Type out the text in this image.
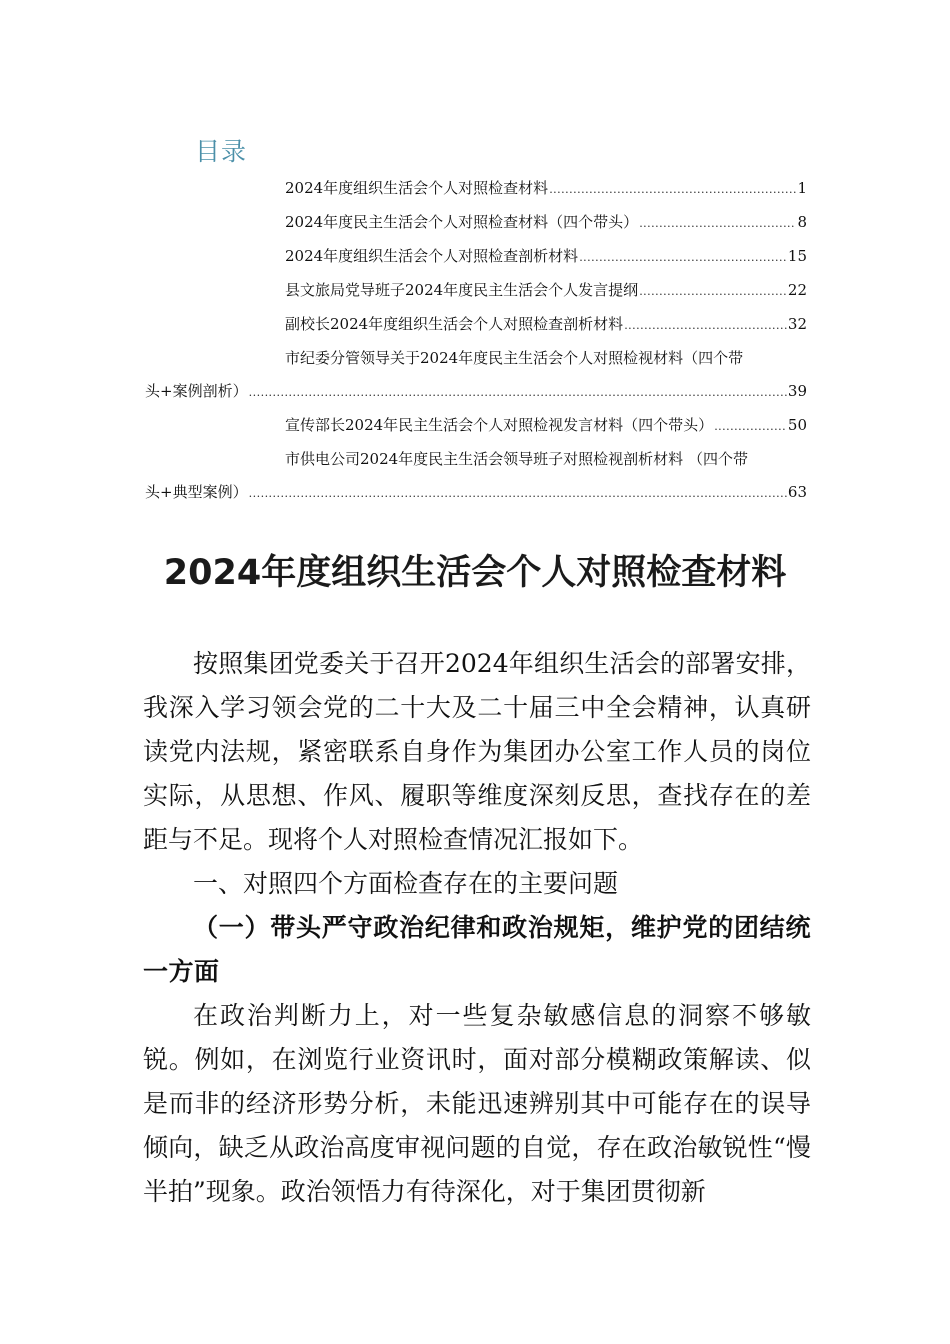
目录
2024年度组织生活会个人对照检查材料 .....	1
2024年度民主生活会个人对照检查材料（四个带头） .....	8
2024年度组织生活会个人对照检查剖析材料 .....	15
县文旅局党导班子2024年度民主生活会个人发言提纲 .....	22
副校长2024年度组织生活会个人对照检查剖析材料 .....	32
市纪委分管领导关于2024年度民主生活会个人对照检视材料（四个带
头+案例剖析） .....	39
宣传部长2024年民主生活会个人对照检视发言材料（四个带头） .....	50
市供电公司2024年度民主生活会领导班子对照检视剖析材料 （四个带
头+典型案例） .....	63
2024年度组织生活会个人对照检查材料

按照集团党委关于召开2024年组织生活会的部署安排，我深入学习领会党的二十大及二十届三中全会精神，认真研读党内法规，紧密联系自身作为集团办公室工作人员的岗位实际，从思想、作风、履职等维度深刻反思，查找存在的差距与不足。现将个人对照检查情况汇报如下。

一、对照四个方面检查存在的主要问题

（一）带头严守政治纪律和政治规矩，维护党的团结统一方面

在政治判断力上，对一些复杂敏感信息的洞察不够敏锐。例如，在浏览行业资讯时，面对部分模糊政策解读、似是而非的经济形势分析，未能迅速辨别其中可能存在的误导倾向，缺乏从政治高度审视问题的自觉，存在政治敏锐性“慢半拍”现象。政治领悟力有待深化，对于集团贯彻新
